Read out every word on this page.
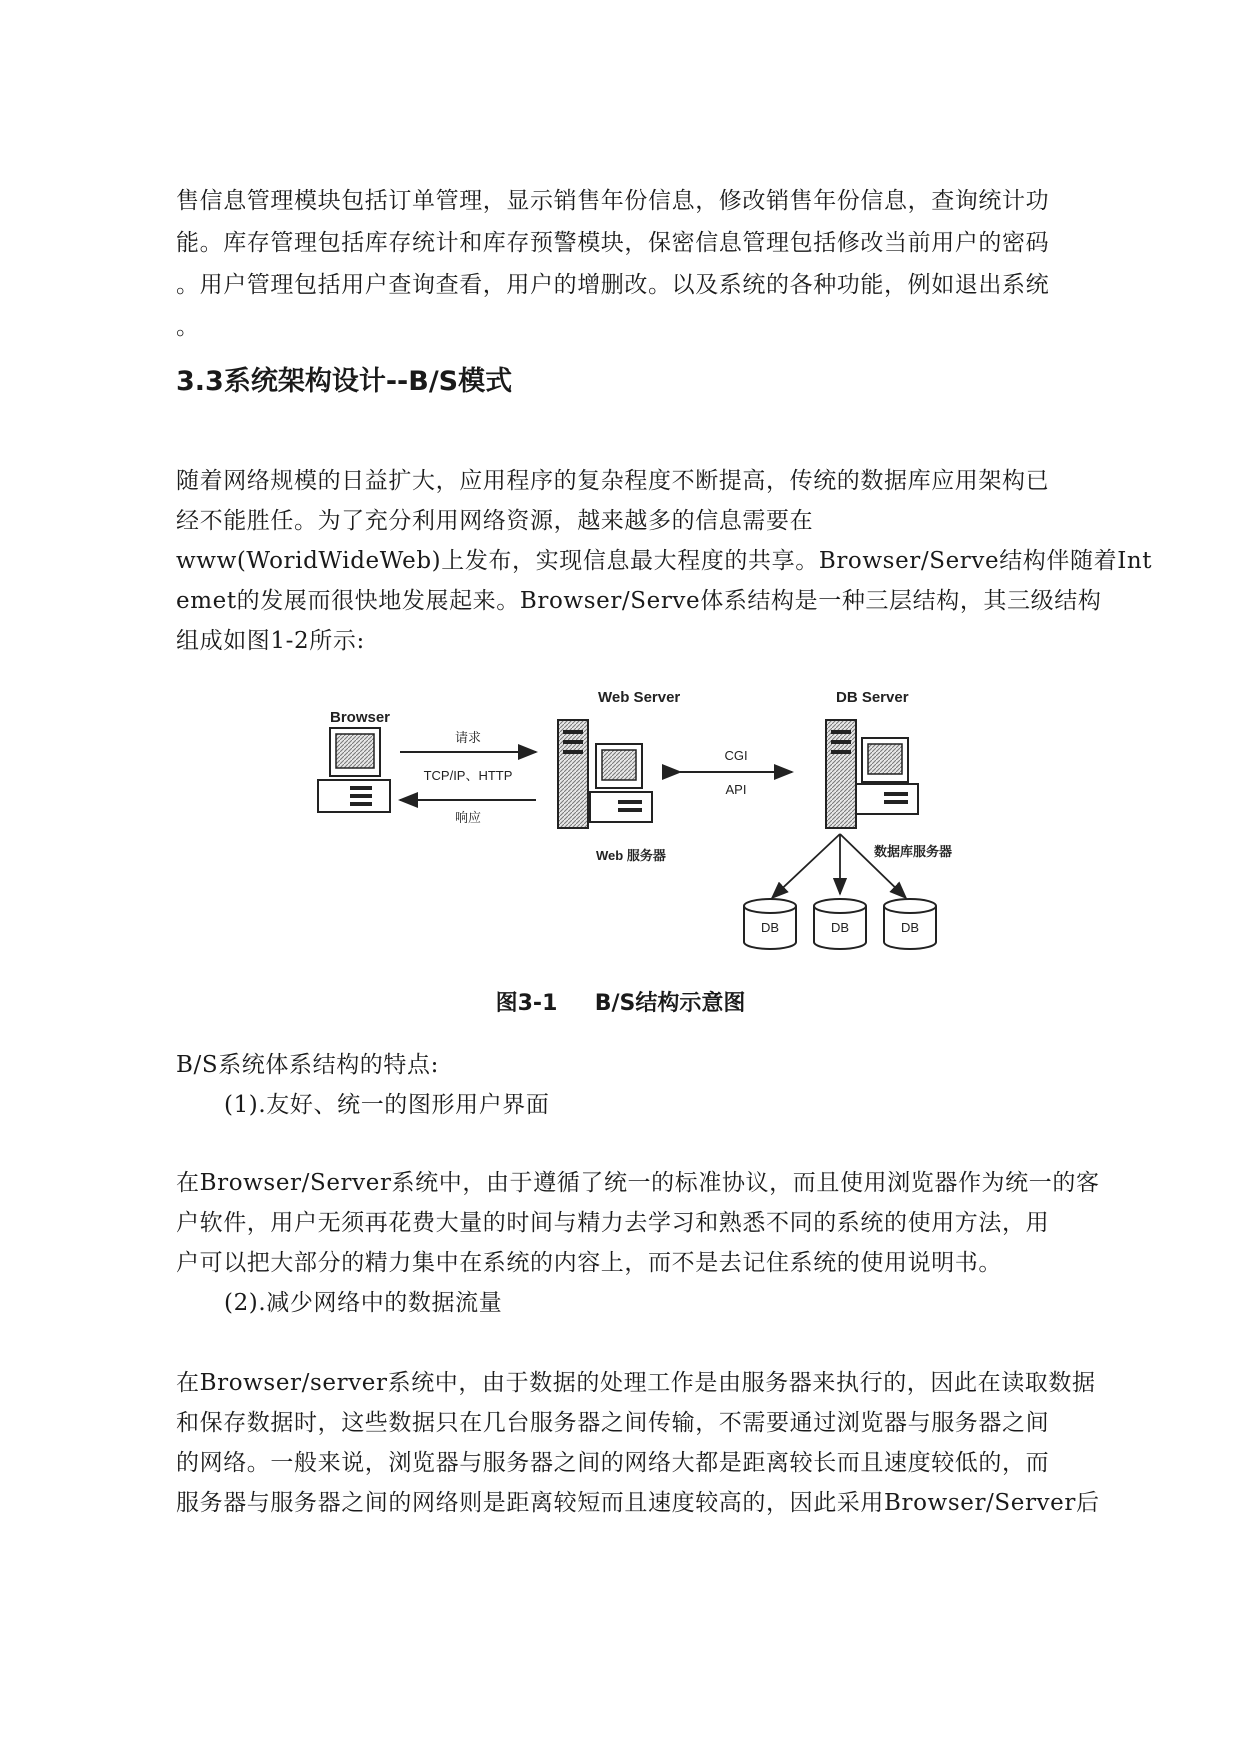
售信息管理模块包括订单管理，显示销售年份信息，修改销售年份信息，查询统计功

能。库存管理包括库存统计和库存预警模块，保密信息管理包括修改当前用户的密码

。用户管理包括用户查询查看，用户的增删改。以及系统的各种功能，例如退出系统

。

3.3系统架构设计--B/S模式

随着网络规模的日益扩大，应用程序的复杂程度不断提高，传统的数据库应用架构已

经不能胜任。为了充分利用网络资源，越来越多的信息需要在

www(WoridWideWeb)上发布，实现信息最大程度的共享。Browser/Serve结构伴随着Int

emet的发展而很快地发展起来。Browser/Serve体系结构是一种三层结构，其三级结构

组成如图1-2所示:

Browser
请求
TCP/IP、HTTP
响应
Web Server
Web 服务器
CGI
API
DB Server
数据库服务器
DB	DB	DB
图3-1 B/S结构示意图

B/S系统体系结构的特点:

(1).友好、统一的图形用户界面

在Browser/Server系统中，由于遵循了统一的标准协议，而且使用浏览器作为统一的客

户软件，用户无须再花费大量的时间与精力去学习和熟悉不同的系统的使用方法，用

户可以把大部分的精力集中在系统的内容上，而不是去记住系统的使用说明书。

(2).减少网络中的数据流量

在Browser/server系统中，由于数据的处理工作是由服务器来执行的，因此在读取数据

和保存数据时，这些数据只在几台服务器之间传输，不需要通过浏览器与服务器之间

的网络。一般来说，浏览器与服务器之间的网络大都是距离较长而且速度较低的，而

服务器与服务器之间的网络则是距离较短而且速度较高的，因此采用Browser/Server后
